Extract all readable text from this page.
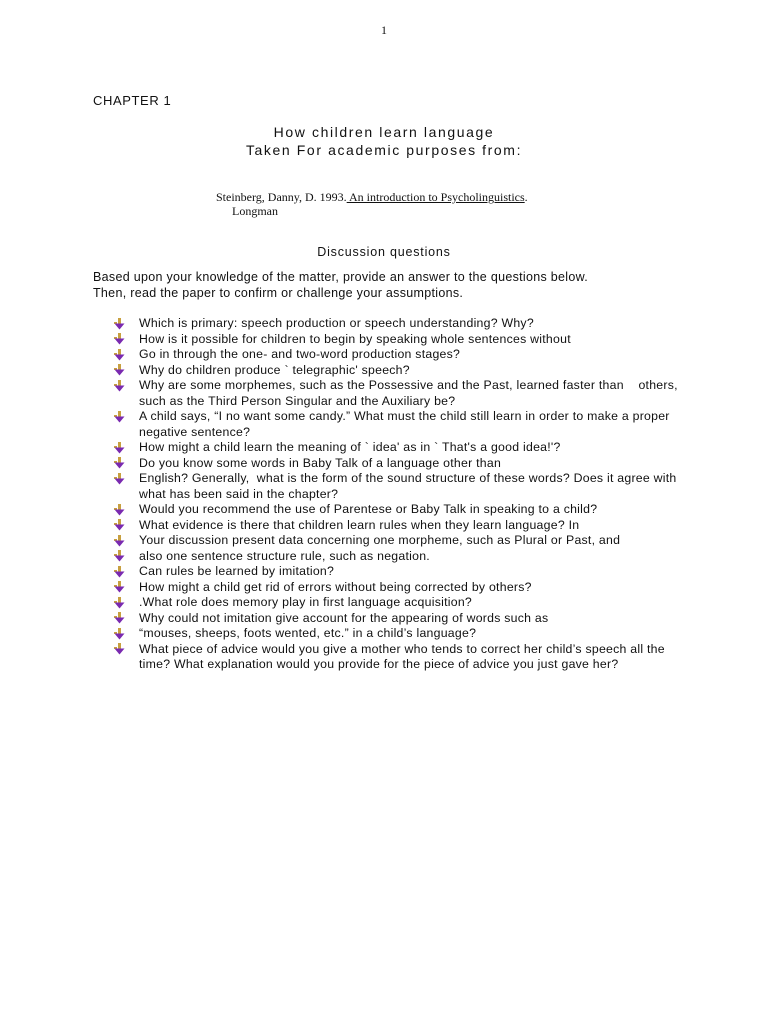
1
CHAPTER 1
How children learn language
Taken For academic purposes from:
Steinberg, Danny, D. 1993. An introduction to Psycholinguistics.
Longman
Discussion questions
Based upon your knowledge of the matter, provide an answer to the questions below.
Then, read the paper to confirm or challenge your assumptions.
Which is primary: speech production or speech understanding? Why?
How is it possible for children to begin by speaking whole sentences without
Go in through the one- and two-word production stages?
Why do children produce ` telegraphic' speech?
Why are some morphemes, such as the Possessive and the Past, learned faster than    others, such as the Third Person Singular and the Auxiliary be?
A child says, “I no want some candy.” What must the child still learn in order to make a proper negative sentence?
How might a child learn the meaning of ` idea' as in ` That's a good idea!'?
Do you know some words in Baby Talk of a language other than
English? Generally,  what is the form of the sound structure of these words? Does it agree with what has been said in the chapter?
Would you recommend the use of Parentese or Baby Talk in speaking to a child?
What evidence is there that children learn rules when they learn language? In
Your discussion present data concerning one morpheme, such as Plural or Past, and
also one sentence structure rule, such as negation.
Can rules be learned by imitation?
How might a child get rid of errors without being corrected by others?
.What role does memory play in first language acquisition?
Why could not imitation give account for the appearing of words such as
“mouses, sheeps, foots wented, etc.” in a child’s language?
What piece of advice would you give a mother who tends to correct her child’s speech all the time? What explanation would you provide for the piece of advice you just gave her?
